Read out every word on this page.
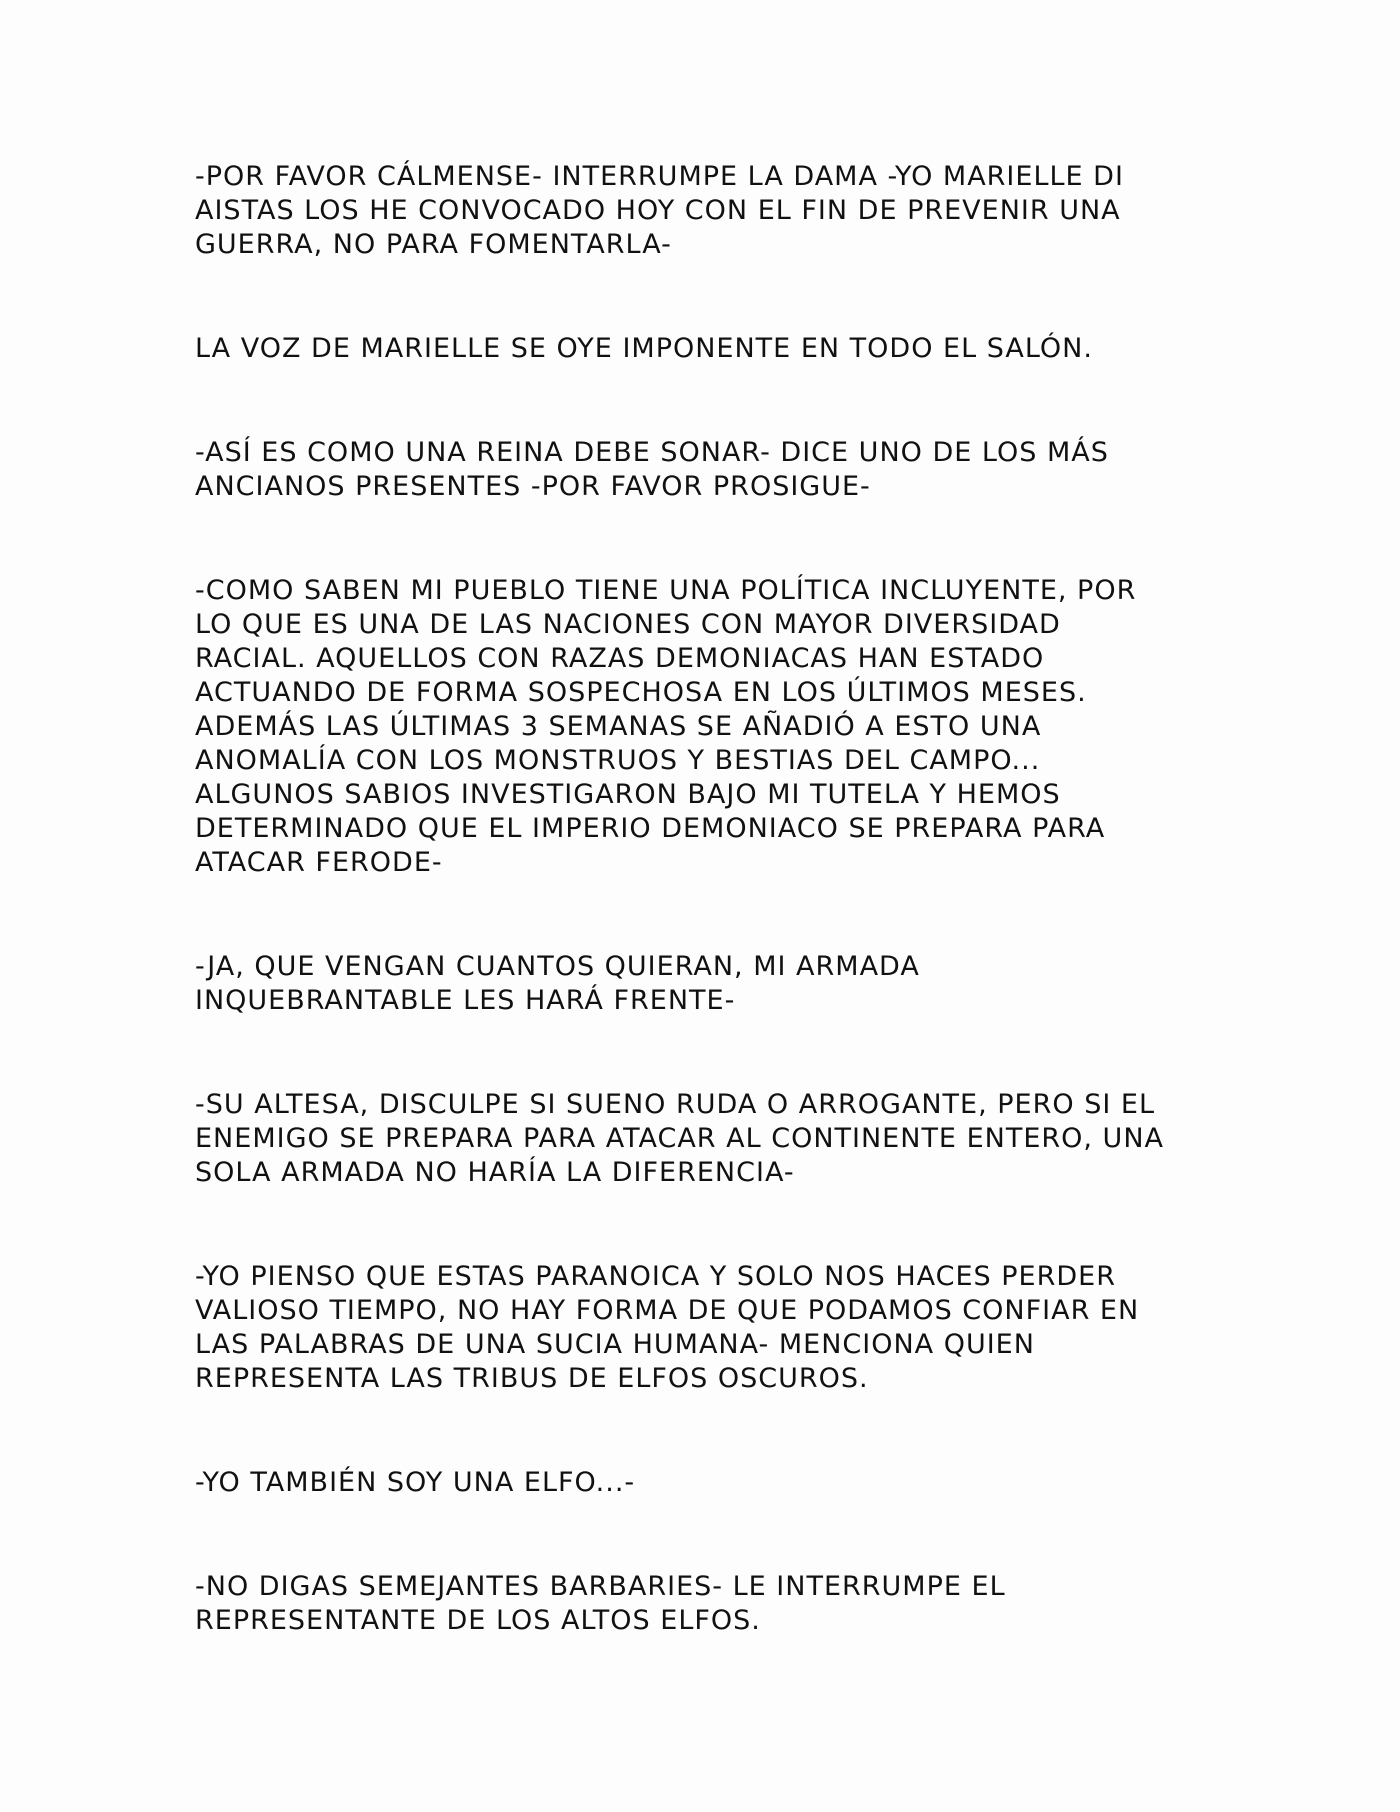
-POR FAVOR CÁLMENSE- INTERRUMPE LA DAMA -YO MARIELLE DI
AISTAS LOS HE CONVOCADO HOY CON EL FIN DE PREVENIR UNA
GUERRA, NO PARA FOMENTARLA-

LA VOZ DE MARIELLE SE OYE IMPONENTE EN TODO EL SALÓN.

-ASÍ ES COMO UNA REINA DEBE SONAR- DICE UNO DE LOS MÁS
ANCIANOS PRESENTES -POR FAVOR PROSIGUE-

-COMO SABEN MI PUEBLO TIENE UNA POLÍTICA INCLUYENTE, POR
LO QUE ES UNA DE LAS NACIONES CON MAYOR DIVERSIDAD
RACIAL. AQUELLOS CON RAZAS DEMONIACAS HAN ESTADO
ACTUANDO DE FORMA SOSPECHOSA EN LOS ÚLTIMOS MESES.
ADEMÁS LAS ÚLTIMAS 3 SEMANAS SE AÑADIÓ A ESTO UNA
ANOMALÍA CON LOS MONSTRUOS Y BESTIAS DEL CAMPO...
ALGUNOS SABIOS INVESTIGARON BAJO MI TUTELA Y HEMOS
DETERMINADO QUE EL IMPERIO DEMONIACO SE PREPARA PARA
ATACAR FERODE-

-JA, QUE VENGAN CUANTOS QUIERAN, MI ARMADA
INQUEBRANTABLE LES HARÁ FRENTE-

-SU ALTESA, DISCULPE SI SUENO RUDA O ARROGANTE, PERO SI EL
ENEMIGO SE PREPARA PARA ATACAR AL CONTINENTE ENTERO, UNA
SOLA ARMADA NO HARÍA LA DIFERENCIA-

-YO PIENSO QUE ESTAS PARANOICA Y SOLO NOS HACES PERDER
VALIOSO TIEMPO, NO HAY FORMA DE QUE PODAMOS CONFIAR EN
LAS PALABRAS DE UNA SUCIA HUMANA- MENCIONA QUIEN
REPRESENTA LAS TRIBUS DE ELFOS OSCUROS.

-YO TAMBIÉN SOY UNA ELFO...-

-NO DIGAS SEMEJANTES BARBARIES- LE INTERRUMPE EL
REPRESENTANTE DE LOS ALTOS ELFOS.
